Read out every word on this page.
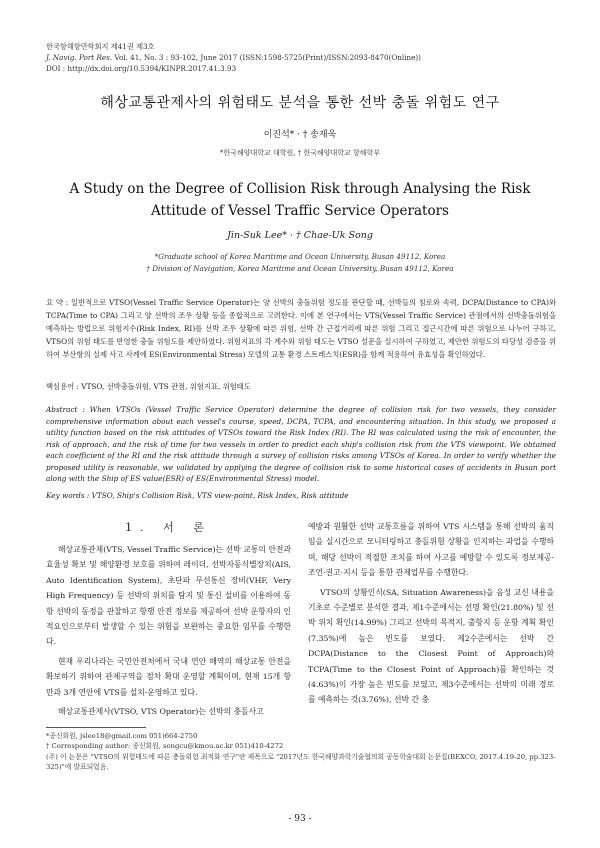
한국항해항만학회지 제41권 제3호
J. Navig. Port Res. Vol. 41, No. 3 : 93-102, June 2017 (ISSN:1598-5725(Print)/ISSN:2093-8470(Online))
DOI : http://dx.doi.org/10.5394/KINPR.2017.41.3.93
해상교통관제사의 위험태도 분석을 통한 선박 충돌 위험도 연구
이진석* · † 송재욱
*한국해양대학교 대학원, † 한국해양대학교 항해학부
A Study on the Degree of Collision Risk through Analysing the Risk Attitude of Vessel Traffic Service Operators
Jin-Suk Lee* · † Chae-Uk Song
*Graduate school of Korea Maritime and Ocean University, Busan 49112, Korea
† Division of Navigation, Korea Maritime and Ocean University, Busan 49112, Korea
요 약 : 일반적으로 VTSO(Vessel Traffic Service Operator)는 양 선박의 충돌위험 정도를 판단할 때, 선박들의 침로와 속력, DCPA(Distance to CPA)와 TCPA(Time to CPA) 그리고 양 선박의 조우 상황 등을 종합적으로 고려한다. 이에 본 연구에서는 VTS(Vessel Traffic Service) 관점에서의 선박충돌위험을 예측하는 방법으로 위험지수(Risk Index, RI)를 선박 조우 상황에 따른 위험, 선박 간 근접거리에 따른 위험 그리고 접근시간에 따른 위험으로 나누어 구하고, VTSO의 위험 태도를 반영한 충돌 위험도를 제안하였다. 위험지표의 각 계수와 위험 태도는 VTSO 설문을 실시하여 구하였고, 제안한 위험도의 타당성 검증을 위하여 부산항의 실제 사고 사례에 ES(Environmental Stress) 모델의 교통 환경 스트레스치(ESR)을 함께 적용하여 유효성을 확인하였다.
핵심용어 : VTSO, 선박충돌위험, VTS 관점, 위험지표, 위험태도
Abstract : When VTSOs (Vessel Traffic Service Operator) determine the degree of collision risk for two vessels, they consider comprehensive information about each vessel's course, speed, DCPA, TCPA, and encountering situation. In this study, we proposed a utility function based on the risk attitudes of VTSOs toward the Risk Index (RI). The RI was calculated using the risk of encounter, the risk of approach, and the risk of time for two vessels in order to predict each ship's collision risk from the VTS viewpoint. We obtained each coefficient of the RI and the risk attitude through a survey of collision risks among VTSOs of Korea. In order to verify whether the proposed utility is reasonable, we validated by applying the degree of collision risk to some historical cases of accidents in Busan port along with the Ship of ES value(ESR) of ES(Environmental Stress) model.
Key words : VTSO, Ship's Collision Risk, VTS view-point, Risk Index, Risk attitude
1. 서 론

해상교통관제(VTS, Vessel Traffic Service)는 선박 교통의 안전과 효율성 확보 및 해양환경 보호를 위하여 레이더, 선박자동식별장치(AIS, Auto Identification System), 초단파 무선통신 장비(VHF, Very High Frequency) 등 선박의 위치를 탐지 및 통신 설비를 이용하여 동항 선박의 동정을 관찰하고 항행 안전 정보를 제공하여 선박 운항자의 인적요인으로부터 발생할 수 있는 위험을 보완하는 중요한 임무를 수행한다.

현재 우리나라는 국민안전처에서 국내 연안 해역의 해상교통 안전을 확보하기 위하여 관제구역을 점차 확대 운영할 계획이며, 현재 15개 항만과 3개 연안에 VTS를 설치·운영하고 있다.

해상교통관제사(VTSO, VTS Operator)는 선박의 충돌사고

예방과 원활한 선박 교통흐름을 위하여 VTS 시스템을 통해 선박의 움직임을 실시간으로 모니터링하고 충돌위험 상황을 인지하는 과업을 수행하며, 해당 선박이 적절한 조치를 하여 사고를 예방할 수 있도록 정보제공·조언·권고·지시 등을 통한 관제업무를 수행한다.

VTSO의 상황인식(SA, Situation Awareness)을 음성 교신 내용을 기초로 수준별로 분석한 결과, 제1수준에서는 선명 확인(21.80%) 및 선박 위치 확인(14.99%) 그리고 선박의 목적지, 출항지 등 운항 계획 확인(7.35%)에 높은 빈도를 보였다. 제2수준에서는 선박 간 DCPA(Distance to the Closest Point of Approach)와 TCPA(Time to the Closest Point of Approach)를 확인하는 것(4.63%)이 가장 높은 빈도를 보였고, 제3수준에서는 선박의 미래 경로를 예측하는 것(3.76%), 선박 간 충

*종신회원, jslee18@gmail.com 051)664-2750
† Corresponding author: 종신회원, songcu@kmou.ac.kr 051)410-4272
(주) 이 논문은 "VTSO의 위험태도에 따른 충돌위험 최적화 연구"란 제목으로 "2017년도 한국해양과학기술협의회 공동학술대회 논문집(BEXCO, 2017.4.19-20, pp.323-325)"에 발표되었음.
- 93 -
